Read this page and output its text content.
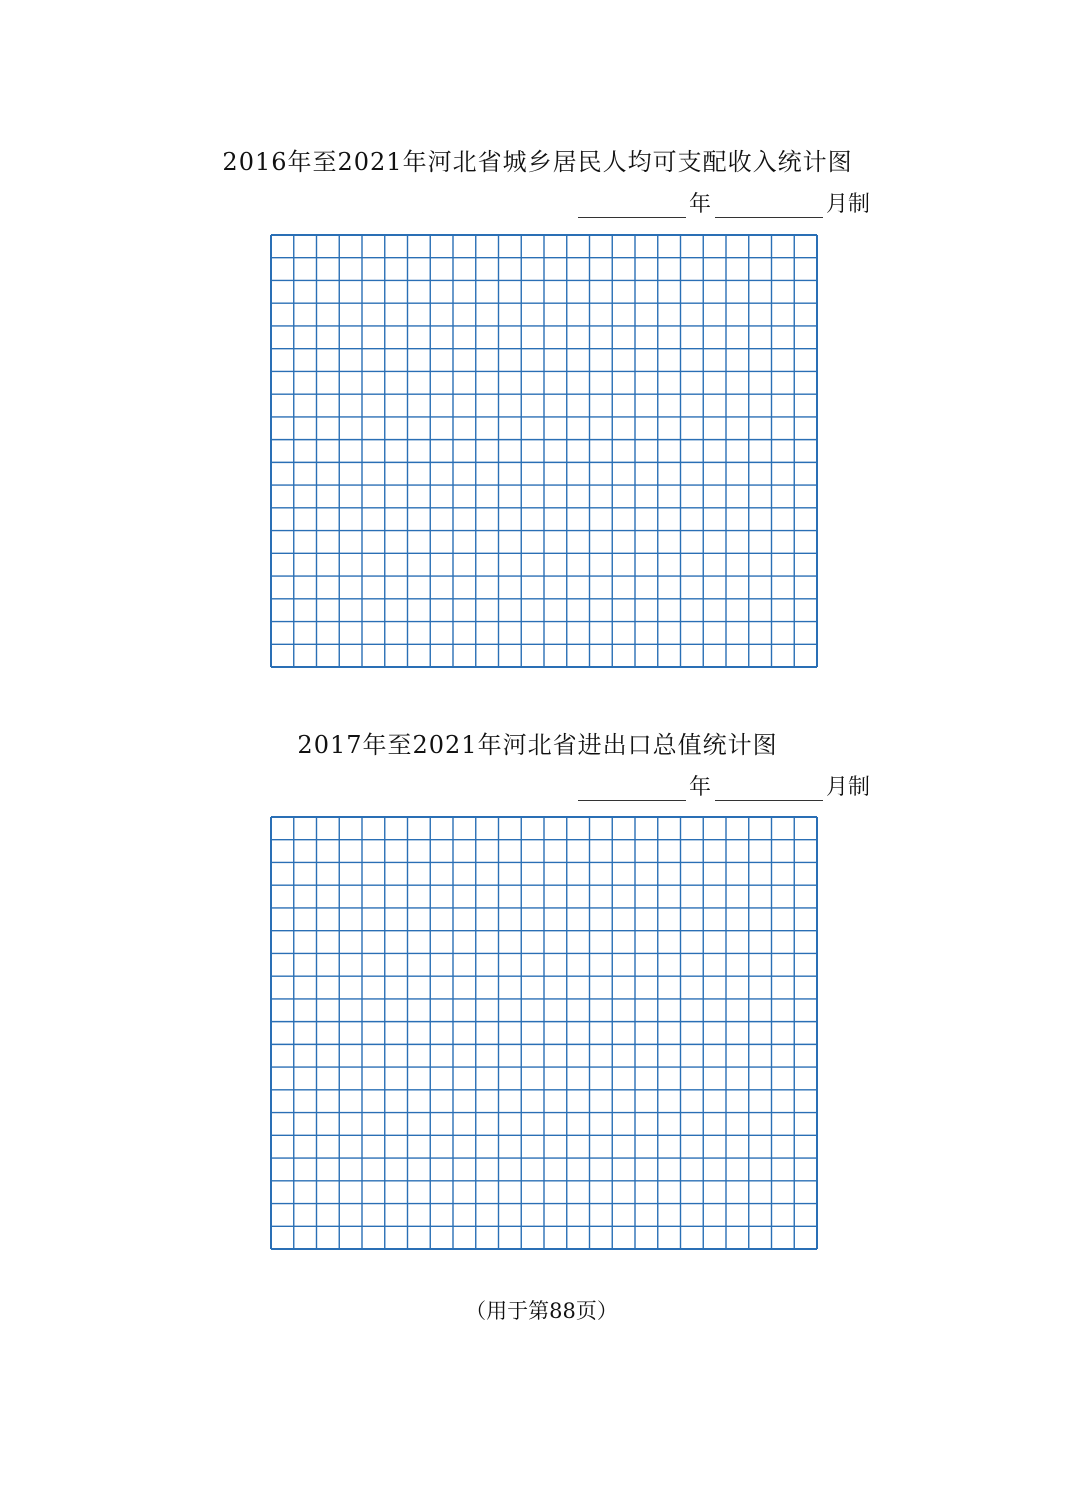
2016年至2021年河北省城乡居民人均可支配收入统计图
年	月制
2017年至2021年河北省进出口总值统计图
年	月制
（用于第88页）
